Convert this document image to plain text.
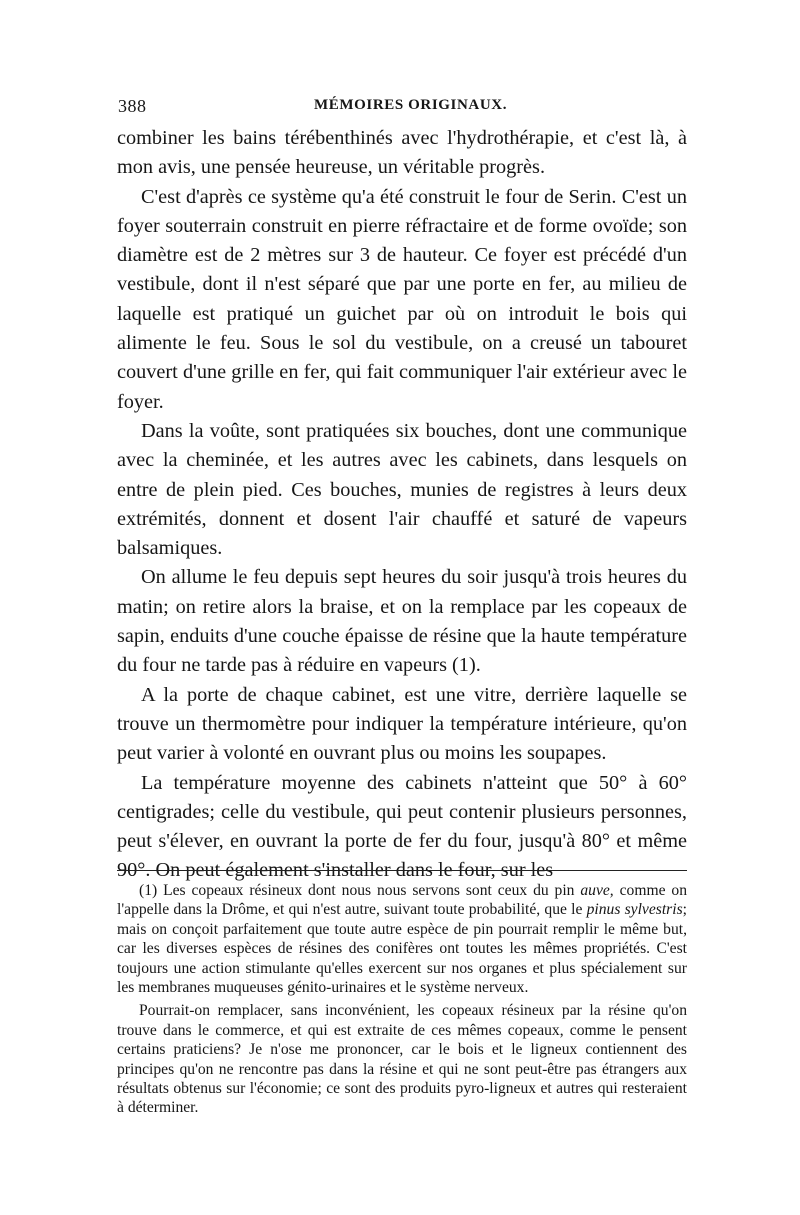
388	MÉMOIRES ORIGINAUX.

combiner les bains térébenthinés avec l'hydrothérapie, et c'est là, à mon avis, une pensée heureuse, un véritable progrès.

C'est d'après ce système qu'a été construit le four de Serin. C'est un foyer souterrain construit en pierre réfractaire et de forme ovoïde; son diamètre est de 2 mètres sur 3 de hauteur. Ce foyer est précédé d'un vestibule, dont il n'est séparé que par une porte en fer, au milieu de laquelle est pratiqué un guichet par où on introduit le bois qui alimente le feu. Sous le sol du vestibule, on a creusé un tabouret couvert d'une grille en fer, qui fait communiquer l'air extérieur avec le foyer.

Dans la voûte, sont pratiquées six bouches, dont une communique avec la cheminée, et les autres avec les cabinets, dans lesquels on entre de plein pied. Ces bouches, munies de registres à leurs deux extrémités, donnent et dosent l'air chauffé et saturé de vapeurs balsamiques.

On allume le feu depuis sept heures du soir jusqu'à trois heures du matin; on retire alors la braise, et on la remplace par les copeaux de sapin, enduits d'une couche épaisse de résine que la haute température du four ne tarde pas à réduire en vapeurs (1).

A la porte de chaque cabinet, est une vitre, derrière laquelle se trouve un thermomètre pour indiquer la température intérieure, qu'on peut varier à volonté en ouvrant plus ou moins les soupapes.

La température moyenne des cabinets n'atteint que 50° à 60° centigrades; celle du vestibule, qui peut contenir plusieurs personnes, peut s'élever, en ouvrant la porte de fer du four, jusqu'à 80° et même 90°. On peut également s'installer dans le four, sur les

(1) Les copeaux résineux dont nous nous servons sont ceux du pin auve, comme on l'appelle dans la Drôme, et qui n'est autre, suivant toute probabilité, que le pinus sylvestris; mais on conçoit parfaitement que toute autre espèce de pin pourrait remplir le même but, car les diverses espèces de résines des conifères ont toutes les mêmes propriétés. C'est toujours une action stimulante qu'elles exercent sur nos organes et plus spécialement sur les membranes muqueuses génito-urinaires et le système nerveux.

Pourrait-on remplacer, sans inconvénient, les copeaux résineux par la résine qu'on trouve dans le commerce, et qui est extraite de ces mêmes copeaux, comme le pensent certains praticiens? Je n'ose me prononcer, car le bois et le ligneux contiennent des principes qu'on ne rencontre pas dans la résine et qui ne sont peut-être pas étrangers aux résultats obtenus sur l'économie; ce sont des produits pyro-ligneux et autres qui resteraient à déterminer.
